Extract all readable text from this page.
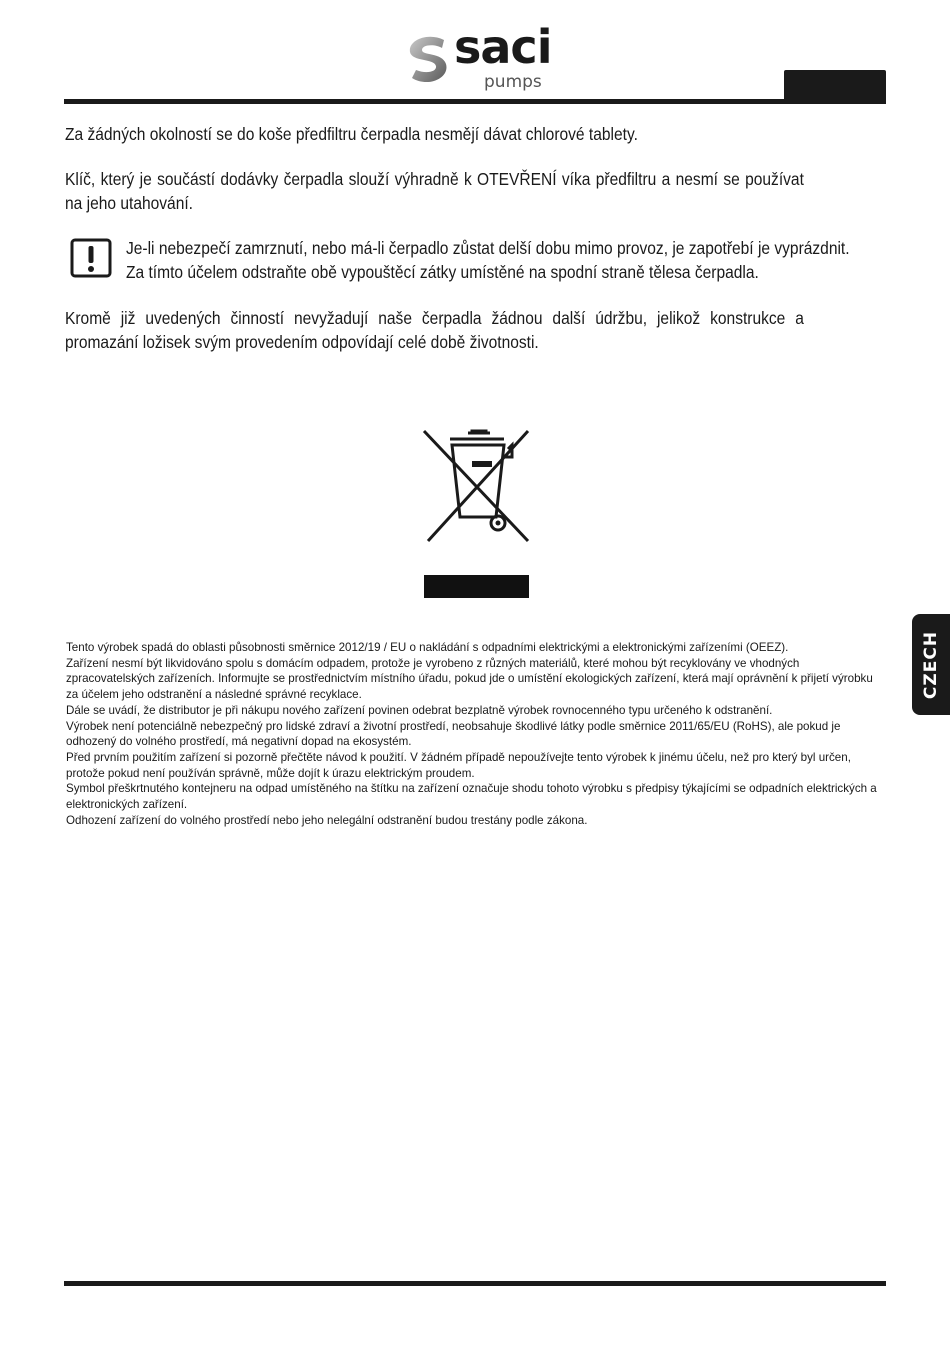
saci
pumps
Za žádných okolností se do koše předfiltru čerpadla nesmějí dávat chlorové tablety.
Klíč, který je součástí dodávky čerpadla slouží výhradně k OTEVŘENÍ víka předfiltru a nesmí se používat na jeho utahování.
Je-li nebezpečí zamrznutí, nebo má-li čerpadlo zůstat delší dobu mimo provoz, je zapotřebí je vyprázdnit.
Za tímto účelem odstraňte obě vypouštěcí zátky umístěné na spodní straně tělesa čerpadla.
Kromě již uvedených činností nevyžadují naše čerpadla žádnou další údržbu, jelikož konstrukce a promazání ložisek svým provedením odpovídají celé době životnosti.

Tento výrobek spadá do oblasti působnosti směrnice 2012/19 / EU o nakládání s odpadními elektrickými a elektronickými zařízeními (OEEZ).

Zařízení nesmí být likvidováno spolu s domácím odpadem, protože je vyrobeno z různých materiálů, které mohou být recyklovány ve vhodných zpracovatelských zařízeních. Informujte se prostřednictvím místního úřadu, pokud jde o umístění ekologických zařízení, která mají oprávnění k přijetí výrobku za účelem jeho odstranění a následné správné recyklace.

Dále se uvádí, že distributor je při nákupu nového zařízení povinen odebrat bezplatně výrobek rovnocenného typu určeného k odstranění.

Výrobek není potenciálně nebezpečný pro lidské zdraví a životní prostředí, neobsahuje škodlivé látky podle směrnice 2011/65/EU (RoHS), ale pokud je odhozený do volného prostředí, má negativní dopad na ekosystém.

Před prvním použitím zařízení si pozorně přečtěte návod k použití. V žádném případě nepoužívejte tento výrobek k jinému účelu, než pro který byl určen, protože pokud není používán správně, může dojít k úrazu elektrickým proudem.

Symbol přeškrtnutého kontejneru na odpad umístěného na štítku na zařízení označuje shodu tohoto výrobku s předpisy týkajícími se odpadních elektrických a elektronických zařízení.

Odhození zařízení do volného prostředí nebo jeho nelegální odstranění budou trestány podle zákona.

CZECH
